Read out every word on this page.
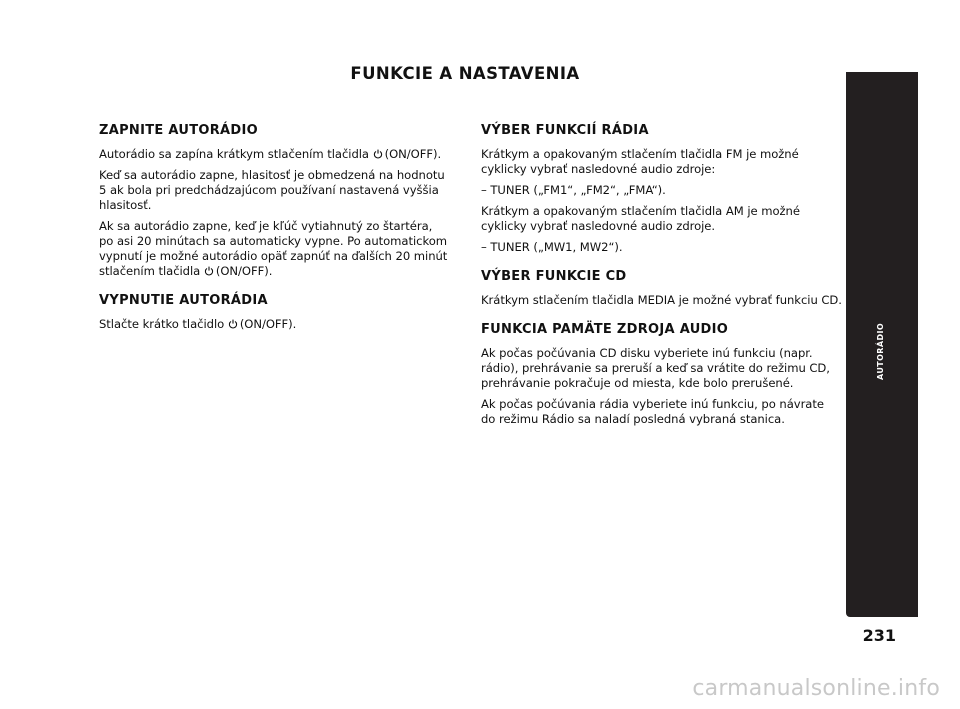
FUNKCIE A NASTAVENIA
ZAPNITE AUTORÁDIO

Autorádio sa zapína krátkym stlačením tlačidla (ON/OFF).

Keď sa autorádio zapne, hlasitosť je obmedzená na hodnotu
5 ak bola pri predchádzajúcom používaní nastavená vyššia
hlasitosť.

Ak sa autorádio zapne, keď je kľúč vytiahnutý zo štartéra,
po asi 20 minútach sa automaticky vypne. Po automatickom
vypnutí je možné autorádio opäť zapnúť na ďalších 20 minút
stlačením tlačidla (ON/OFF).

VYPNUTIE AUTORÁDIA

Stlačte krátko tlačidlo (ON/OFF).

VÝBER FUNKCIÍ RÁDIA

Krátkym a opakovaným stlačením tlačidla FM je možné
cyklicky vybrať nasledovné audio zdroje:

– TUNER („FM1“, „FM2“, „FMA“).

Krátkym a opakovaným stlačením tlačidla AM je možné
cyklicky vybrať nasledovné audio zdroje.

– TUNER („MW1, MW2“).

VÝBER FUNKCIE CD

Krátkym stlačením tlačidla MEDIA je možné vybrať funkciu CD.

FUNKCIA PAMÄTE ZDROJA AUDIO

Ak počas počúvania CD disku vyberiete inú funkciu (napr.
rádio), prehrávanie sa preruší a keď sa vrátite do režimu CD,
prehrávanie pokračuje od miesta, kde bolo prerušené.

Ak počas počúvania rádia vyberiete inú funkciu, po návrate
do režimu Rádio sa naladí posledná vybraná stanica.

AUTORÁDIO
231
carmanualsonline.info
